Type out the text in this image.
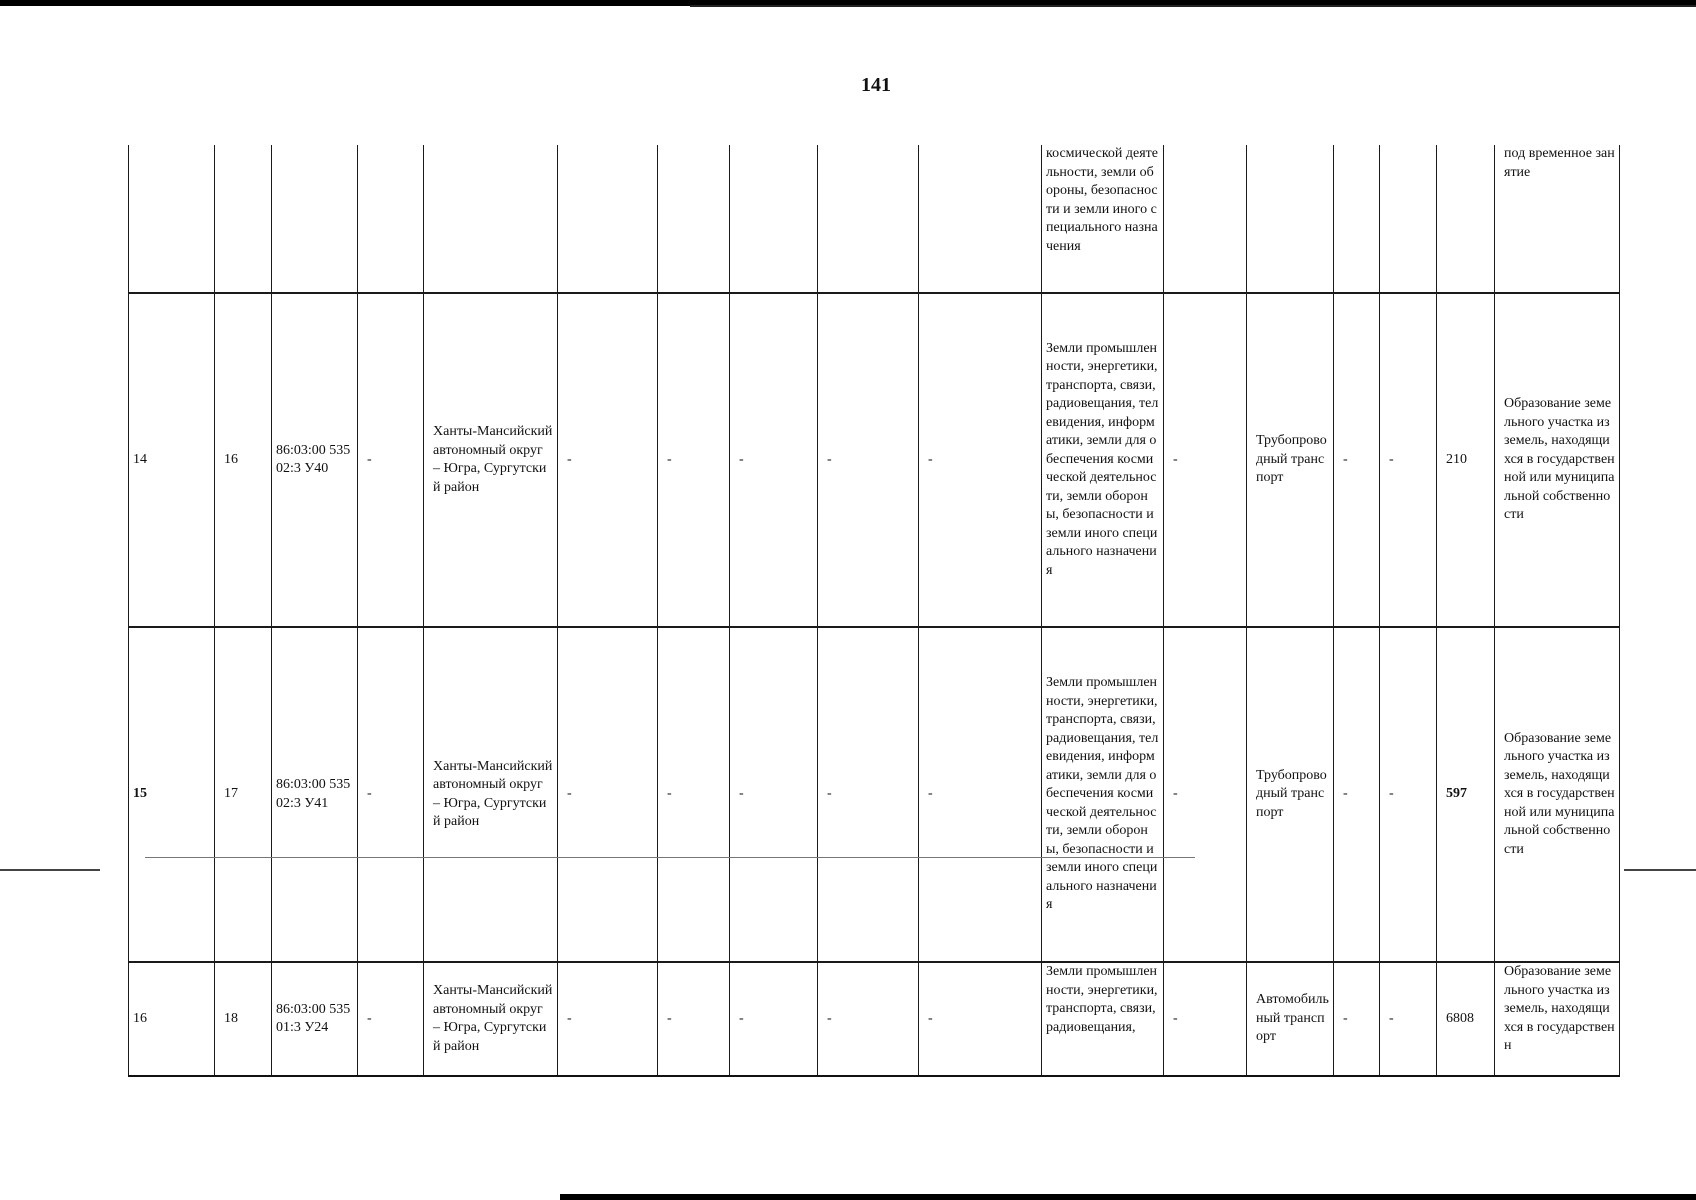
141
										космической деятельности, земли обороны, безопасности и земли иного специального назначения						под временное занятие
14	16	86:03:00 53502:3 У40	-	Ханты-Мансийский автономный округ – Югра, Сургутский район	-	-	-	-	-	Земли промышленности, энергетики, транспорта, связи, радиовещания, телевидения, информатики, земли для обеспечения космической деятельности, земли обороны, безопасности и земли иного специального назначения	-	Трубопроводный транспорт	-	-	210	Образование земельного участка из земель, находящихся в государственной или муниципальной собственности
15	17	86:03:00 53502:3 У41	-	Ханты-Мансийский автономный округ – Югра, Сургутский район	-	-	-	-	-	Земли промышленности, энергетики, транспорта, связи, радиовещания, телевидения, информатики, земли для обеспечения космической деятельности, земли обороны, безопасности и земли иного специального назначения	-	Трубопроводный транспорт	-	-	597	Образование земельного участка из земель, находящихся в государственной или муниципальной собственности
16	18	86:03:00 53501:3 У24	-	Ханты-Мансийский автономный округ – Югра, Сургутский район	-	-	-	-	-	Земли промышленности, энергетики, транспорта, связи, радиовещания,	-	Автомобильный транспорт	-	-	6808	Образование земельного участка из земель, находящихся в государственн
